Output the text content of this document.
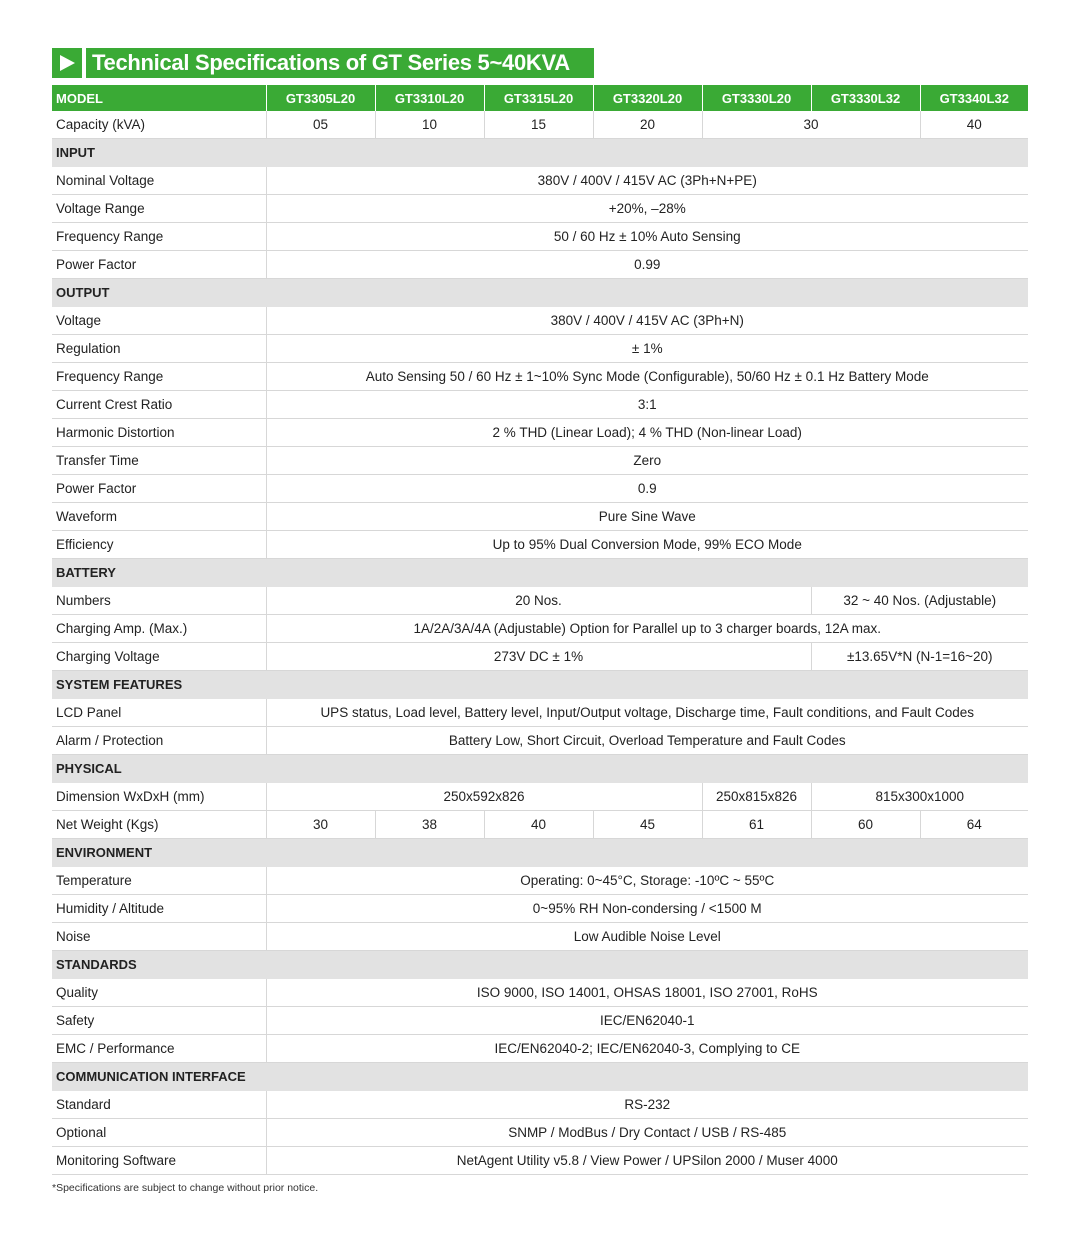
Technical Specifications of GT Series 5~40KVA
MODEL	GT3305L20	GT3310L20	GT3315L20	GT3320L20	GT3330L20	GT3330L32	GT3340L32
Capacity (kVA)	05	10	15	20	30		40
INPUT							
Nominal Voltage	380V / 400V / 415V AC (3Ph+N+PE)						
Voltage Range	+20%, –28%						
Frequency Range	50 / 60 Hz ± 10% Auto Sensing						
Power Factor	0.99						
OUTPUT							
Voltage	380V / 400V / 415V AC (3Ph+N)						
Regulation	± 1%						
Frequency Range	Auto Sensing 50 / 60 Hz ± 1~10% Sync Mode (Configurable), 50/60 Hz ± 0.1 Hz Battery Mode						
Current Crest Ratio	3:1						
Harmonic Distortion	2 % THD (Linear Load); 4 % THD (Non-linear Load)						
Transfer Time	Zero						
Power Factor	0.9						
Waveform	Pure Sine Wave						
Efficiency	Up to 95% Dual Conversion Mode, 99% ECO Mode						
BATTERY							
Numbers	20 Nos.					32 ~ 40 Nos. (Adjustable)	
Charging Amp. (Max.)	1A/2A/3A/4A (Adjustable) Option for Parallel up to 3 charger boards, 12A max.						
Charging Voltage	273V DC ± 1%					±13.65V*N (N-1=16~20)	
SYSTEM FEATURES							
LCD Panel	UPS status, Load level, Battery level, Input/Output voltage, Discharge time, Fault conditions, and Fault Codes						
Alarm / Protection	Battery Low, Short Circuit, Overload Temperature and Fault Codes						
PHYSICAL							
Dimension WxDxH (mm)	250x592x826				250x815x826	815x300x1000	
Net Weight (Kgs)	30	38	40	45	61	60	64
ENVIRONMENT							
Temperature	Operating: 0~45°C, Storage: -10ºC ~ 55ºC						
Humidity / Altitude	0~95% RH Non-condersing / <1500 M						
Noise	Low Audible Noise Level						
STANDARDS							
Quality	ISO 9000, ISO 14001, OHSAS 18001, ISO 27001, RoHS						
Safety	IEC/EN62040-1						
EMC / Performance	IEC/EN62040-2; IEC/EN62040-3, Complying to CE						
COMMUNICATION INTERFACE							
Standard	RS-232						
Optional	SNMP / ModBus / Dry Contact / USB / RS-485						
Monitoring Software	NetAgent Utility v5.8 / View Power / UPSilon 2000 / Muser 4000						
*Specifications are subject to change without prior notice.
